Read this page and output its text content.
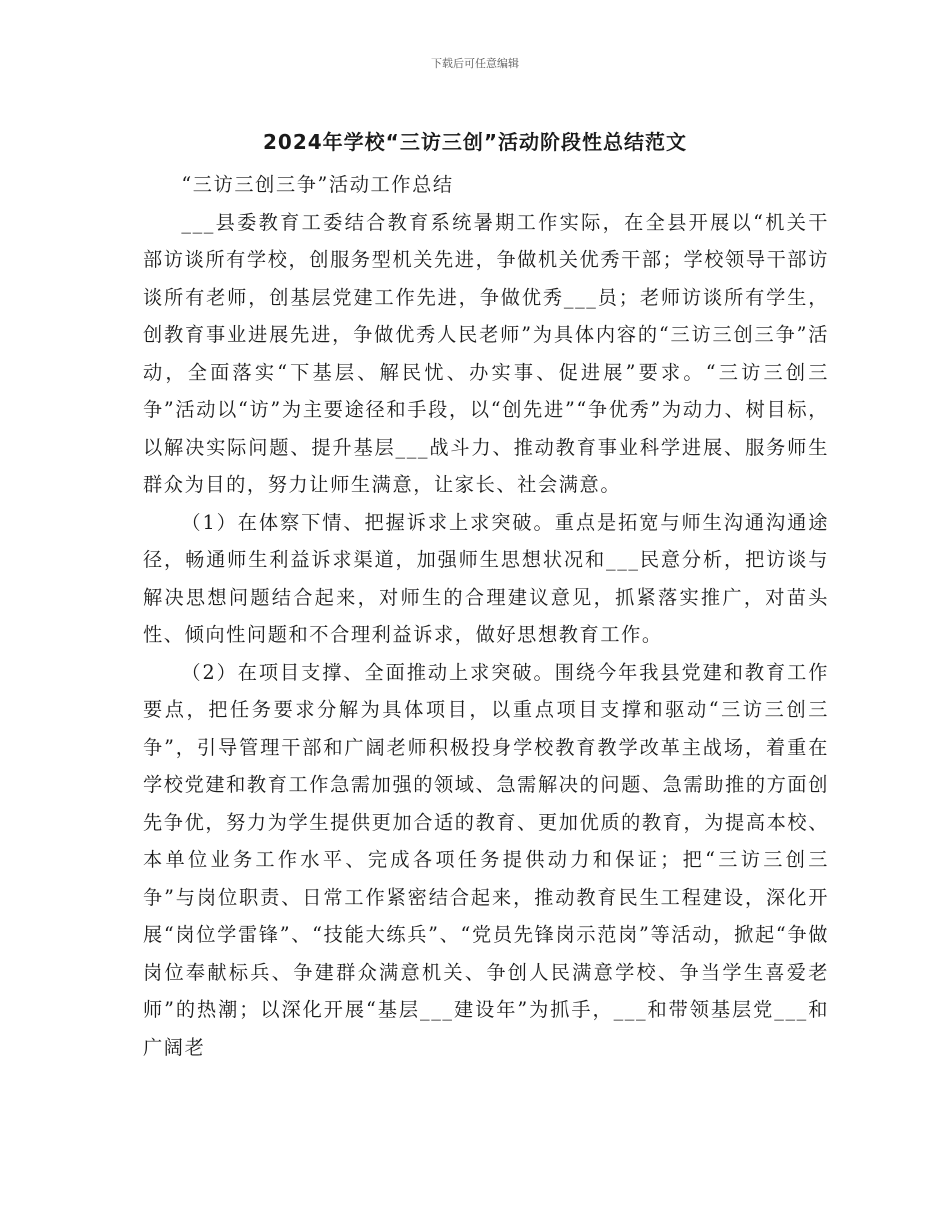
下载后可任意编辑
2024年学校“三访三创”活动阶段性总结范文

“三访三创三争”活动工作总结

___县委教育工委结合教育系统暑期工作实际，在全县开展以“机关干部访谈所有学校，创服务型机关先进，争做机关优秀干部；学校领导干部访谈所有老师，创基层党建工作先进，争做优秀___员；老师访谈所有学生，创教育事业进展先进，争做优秀人民老师”为具体内容的“三访三创三争”活动，全面落实“下基层、解民忧、办实事、促进展”要求。“三访三创三争”活动以“访”为主要途径和手段，以“创先进”“争优秀”为动力、树目标，以解决实际问题、提升基层___战斗力、推动教育事业科学进展、服务师生群众为目的，努力让师生满意，让家长、社会满意。

（1）在体察下情、把握诉求上求突破。重点是拓宽与师生沟通沟通途径，畅通师生利益诉求渠道，加强师生思想状况和___民意分析，把访谈与解决思想问题结合起来，对师生的合理建议意见，抓紧落实推广，对苗头性、倾向性问题和不合理利益诉求，做好思想教育工作。

（2）在项目支撑、全面推动上求突破。围绕今年我县党建和教育工作要点，把任务要求分解为具体项目，以重点项目支撑和驱动“三访三创三争”，引导管理干部和广阔老师积极投身学校教育教学改革主战场，着重在学校党建和教育工作急需加强的领域、急需解决的问题、急需助推的方面创先争优，努力为学生提供更加合适的教育、更加优质的教育，为提高本校、本单位业务工作水平、完成各项任务提供动力和保证；把“三访三创三争”与岗位职责、日常工作紧密结合起来，推动教育民生工程建设，深化开展“岗位学雷锋”、“技能大练兵”、“党员先锋岗示范岗”等活动，掀起“争做岗位奉献标兵、争建群众满意机关、争创人民满意学校、争当学生喜爱老师”的热潮；以深化开展“基层___建设年”为抓手，___和带领基层党___和广阔老
